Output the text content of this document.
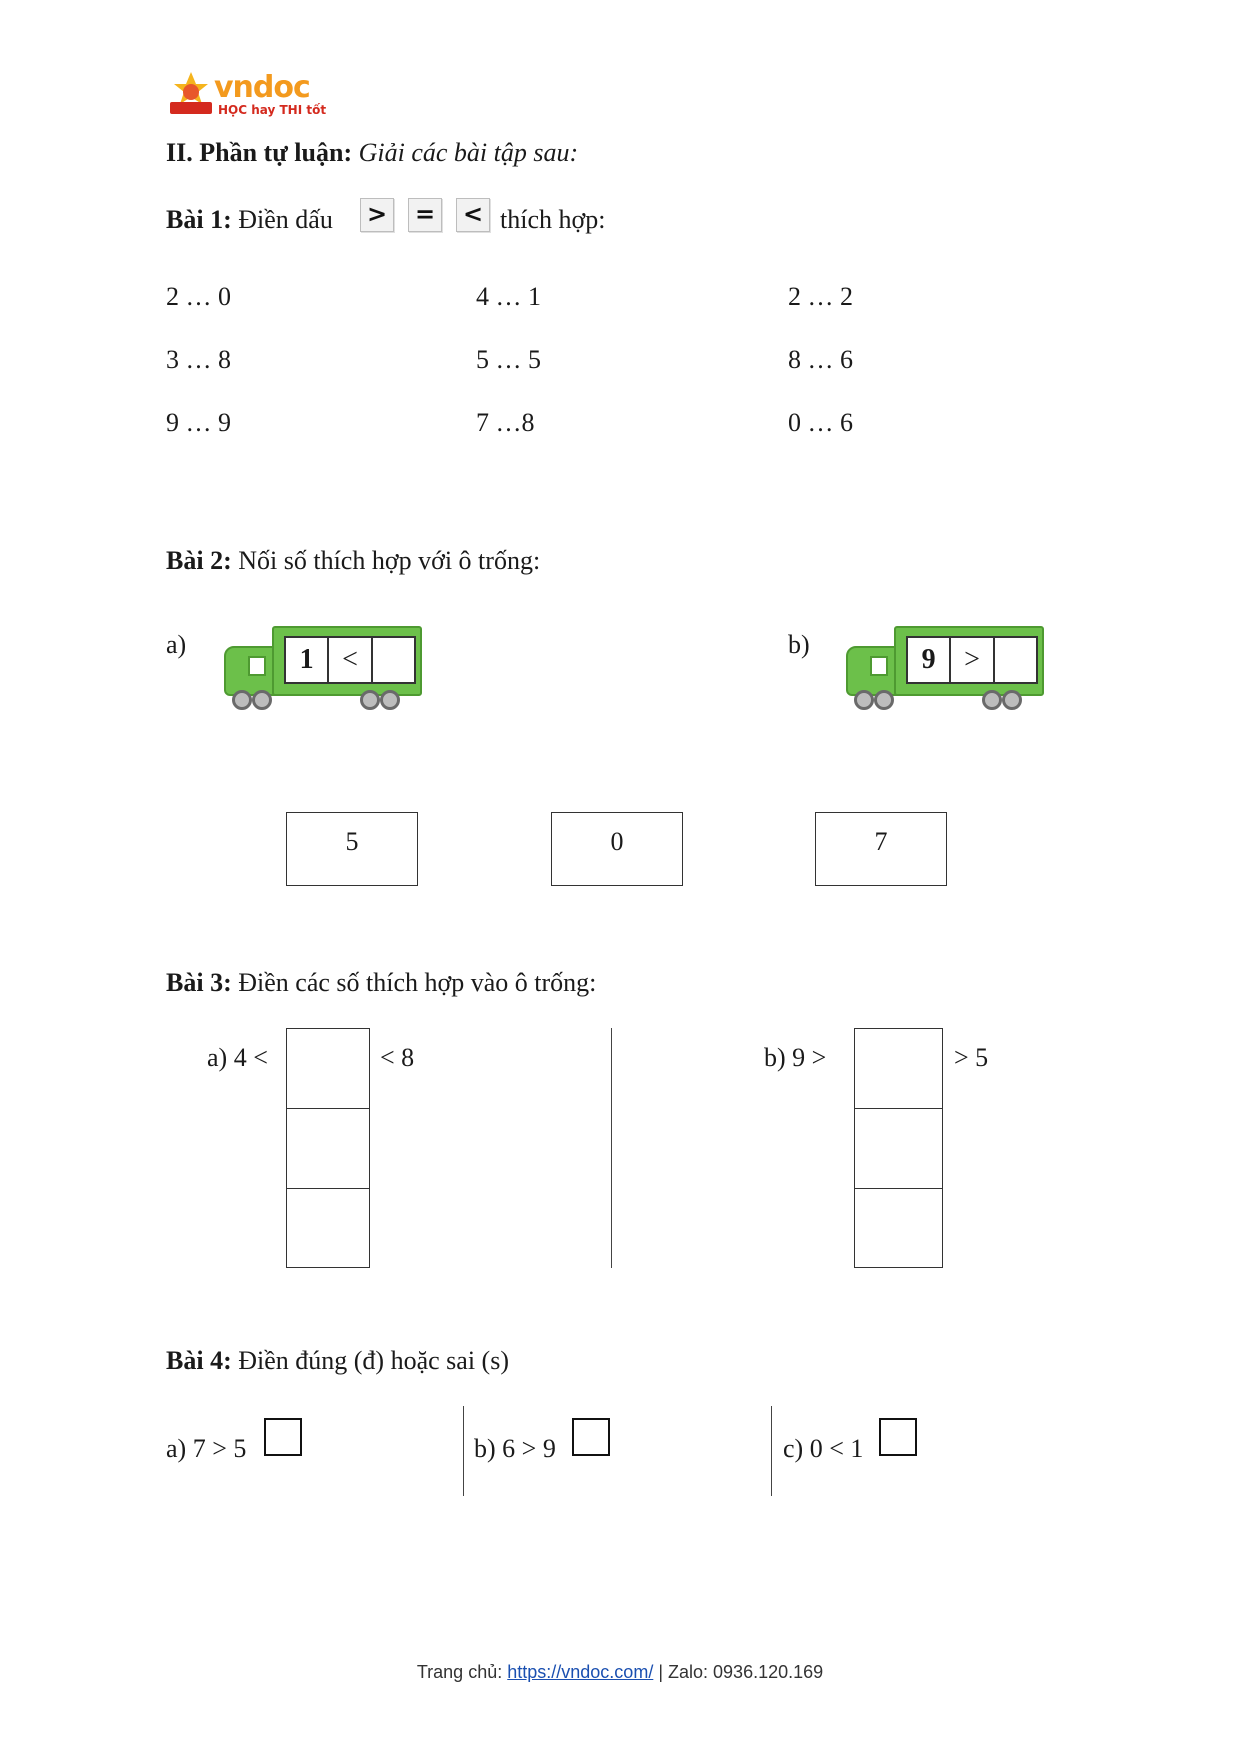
vndoc
HỌC hay THI tốt
II. Phần tự luận: Giải các bài tập sau:
Bài 1: Điền dấu > = < thích hợp:
2 … 0	4 … 1	2 … 2
3 … 8	5 … 5	8 … 6
9 … 9	7 …8	0 … 6
Bài 2: Nối số thích hợp với ô trống:
a)	1	<	b)	9	>
5	0	7
Bài 3: Điền các số thích hợp vào ô trống:
a) 4 <	< 8	b) 9 >	> 5
Bài 4: Điền đúng (đ) hoặc sai (s)
a) 7 > 5	b) 6 > 9	c) 0 < 1
Trang chủ: https://vndoc.com/ | Zalo: 0936.120.169
